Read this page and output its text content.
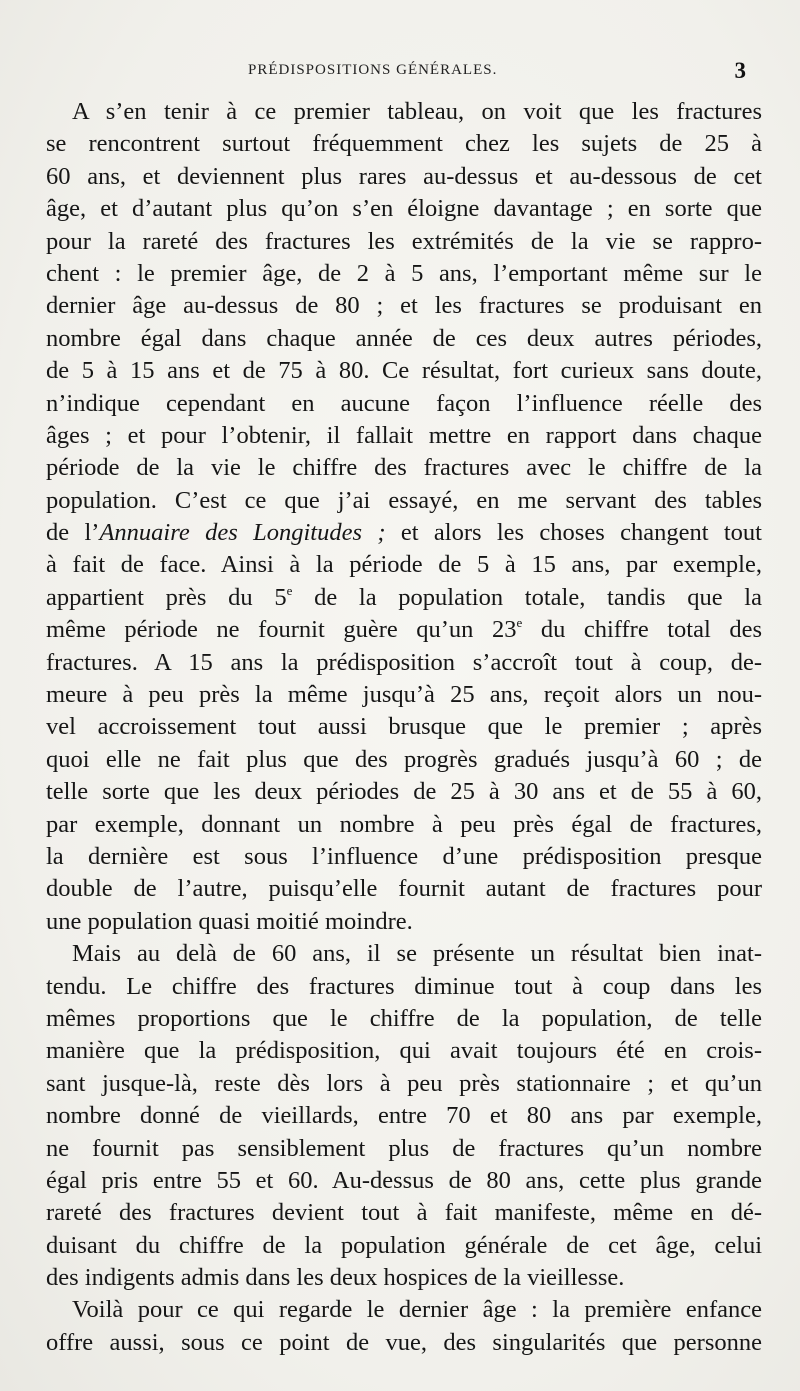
PRÉDISPOSITIONS GÉNÉRALES.	3
A s’en tenir à ce premier tableau, on voit que les fractures
se rencontrent surtout fréquemment chez les sujets de 25 à
60 ans, et deviennent plus rares au-dessus et au-dessous de cet
âge, et d’autant plus qu’on s’en éloigne davantage ; en sorte que
pour la rareté des fractures les extrémités de la vie se rappro-
chent : le premier âge, de 2 à 5 ans, l’emportant même sur le
dernier âge au-dessus de 80 ; et les fractures se produisant en
nombre égal dans chaque année de ces deux autres périodes,
de 5 à 15 ans et de 75 à 80. Ce résultat, fort curieux sans doute,
n’indique cependant en aucune façon l’influence réelle des
âges ; et pour l’obtenir, il fallait mettre en rapport dans chaque
période de la vie le chiffre des fractures avec le chiffre de la
population. C’est ce que j’ai essayé, en me servant des tables
de l’Annuaire des Longitudes ; et alors les choses changent tout
à fait de face. Ainsi à la période de 5 à 15 ans, par exemple,
appartient près du 5e de la population totale, tandis que la
même période ne fournit guère qu’un 23e du chiffre total des
fractures. A 15 ans la prédisposition s’accroît tout à coup, de-
meure à peu près la même jusqu’à 25 ans, reçoit alors un nou-
vel accroissement tout aussi brusque que le premier ; après
quoi elle ne fait plus que des progrès gradués jusqu’à 60 ; de
telle sorte que les deux périodes de 25 à 30 ans et de 55 à 60,
par exemple, donnant un nombre à peu près égal de fractures,
la dernière est sous l’influence d’une prédisposition presque
double de l’autre, puisqu’elle fournit autant de fractures pour
une population quasi moitié moindre.
Mais au delà de 60 ans, il se présente un résultat bien inat-
tendu. Le chiffre des fractures diminue tout à coup dans les
mêmes proportions que le chiffre de la population, de telle
manière que la prédisposition, qui avait toujours été en crois-
sant jusque-là, reste dès lors à peu près stationnaire ; et qu’un
nombre donné de vieillards, entre 70 et 80 ans par exemple,
ne fournit pas sensiblement plus de fractures qu’un nombre
égal pris entre 55 et 60. Au-dessus de 80 ans, cette plus grande
rareté des fractures devient tout à fait manifeste, même en dé-
duisant du chiffre de la population générale de cet âge, celui
des indigents admis dans les deux hospices de la vieillesse.
Voilà pour ce qui regarde le dernier âge : la première enfance
offre aussi, sous ce point de vue, des singularités que personne
